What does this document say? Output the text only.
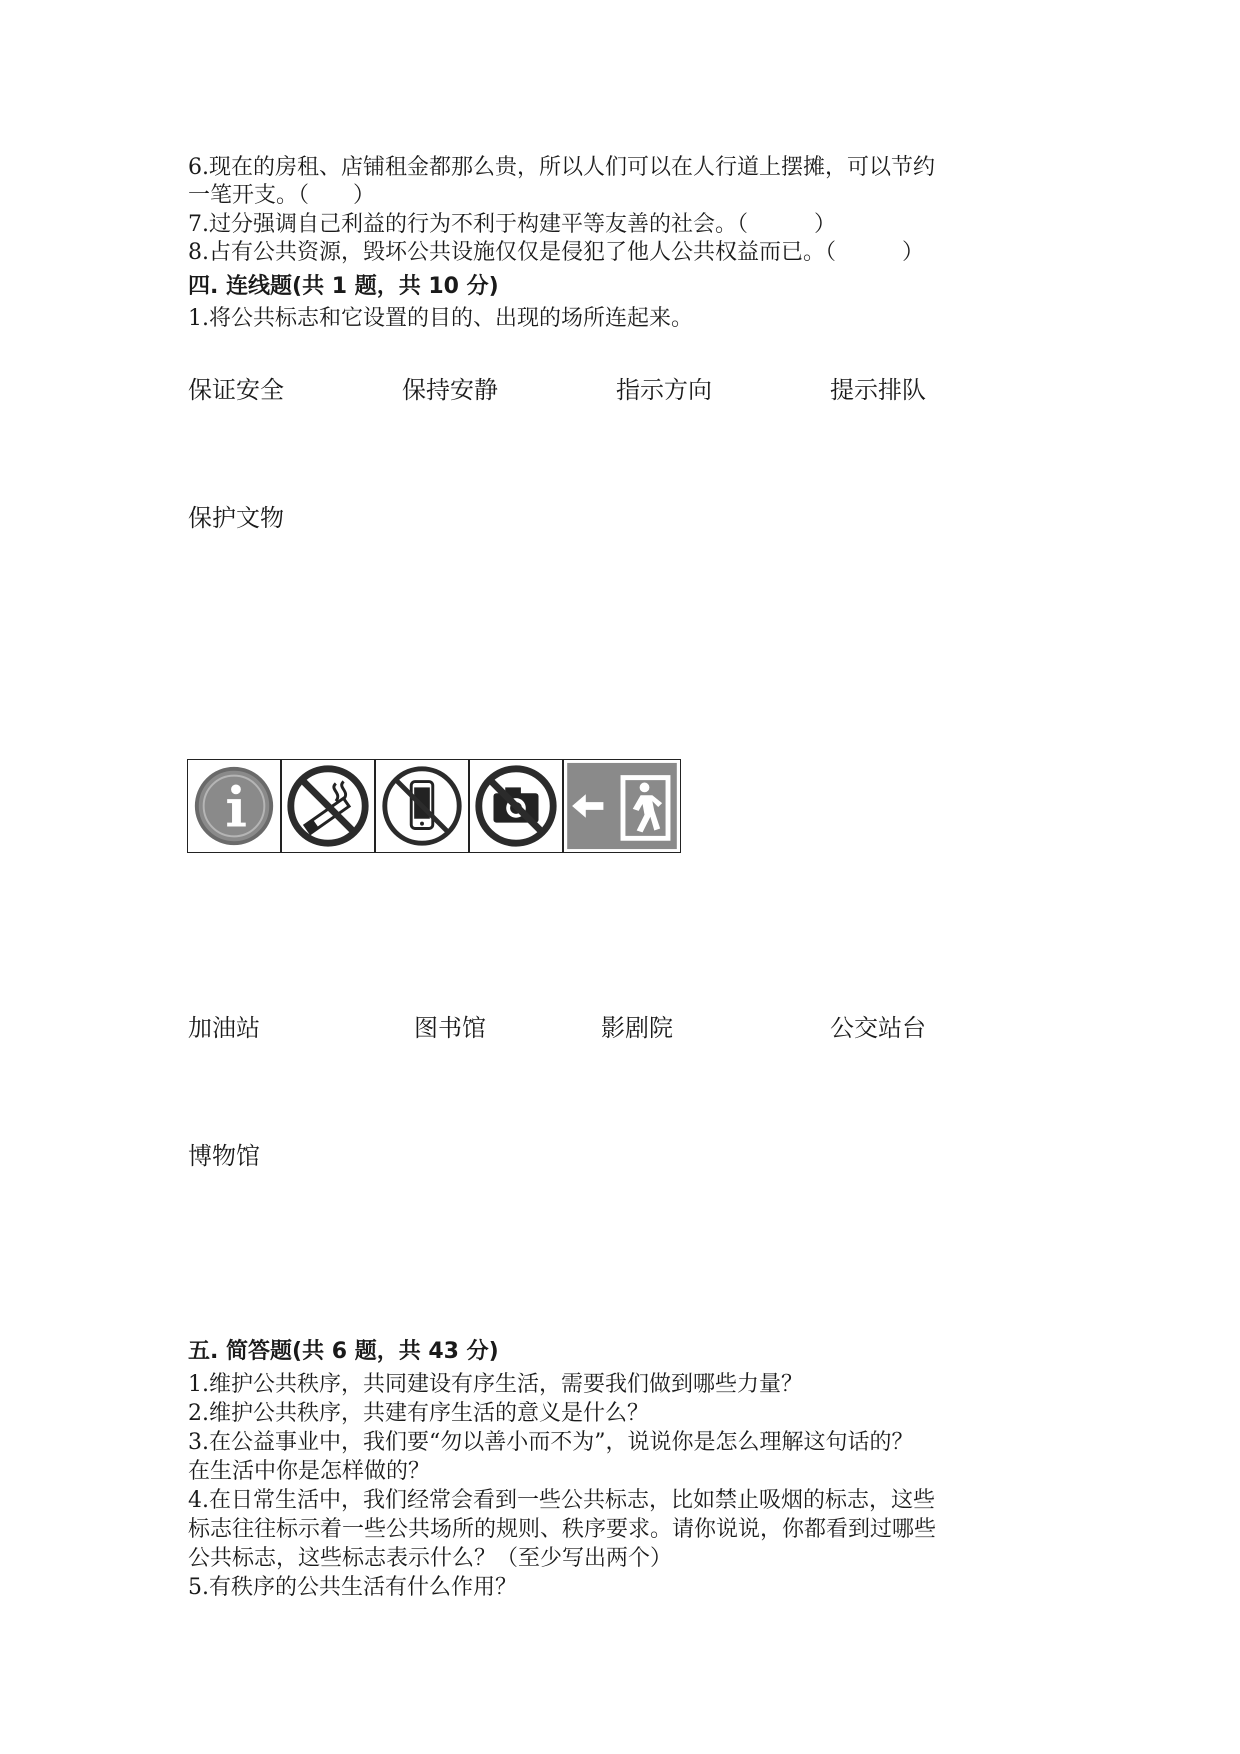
6.现在的房租、店铺租金都那么贵，所以人们可以在人行道上摆摊，可以节约
一笔开支。（　　）
7.过分强调自己利益的行为不利于构建平等友善的社会。（　　　）
8.占有公共资源，毁坏公共设施仅仅是侵犯了他人公共权益而已。（　　　）
四. 连线题(共 1 题，共 10 分)
1.将公共标志和它设置的目的、出现的场所连起来。
保证安全	保持安静	指示方向	提示排队
保护文物
加油站	图书馆	影剧院	公交站台
博物馆
五. 简答题(共 6 题，共 43 分)
1.维护公共秩序，共同建设有序生活，需要我们做到哪些力量？
2.维护公共秩序，共建有序生活的意义是什么？
3.在公益事业中，我们要“勿以善小而不为”，说说你是怎么理解这句话的？
在生活中你是怎样做的？
4.在日常生活中，我们经常会看到一些公共标志，比如禁止吸烟的标志，这些
标志往往标示着一些公共场所的规则、秩序要求。请你说说，你都看到过哪些
公共标志，这些标志表示什么？（至少写出两个）
5.有秩序的公共生活有什么作用？
